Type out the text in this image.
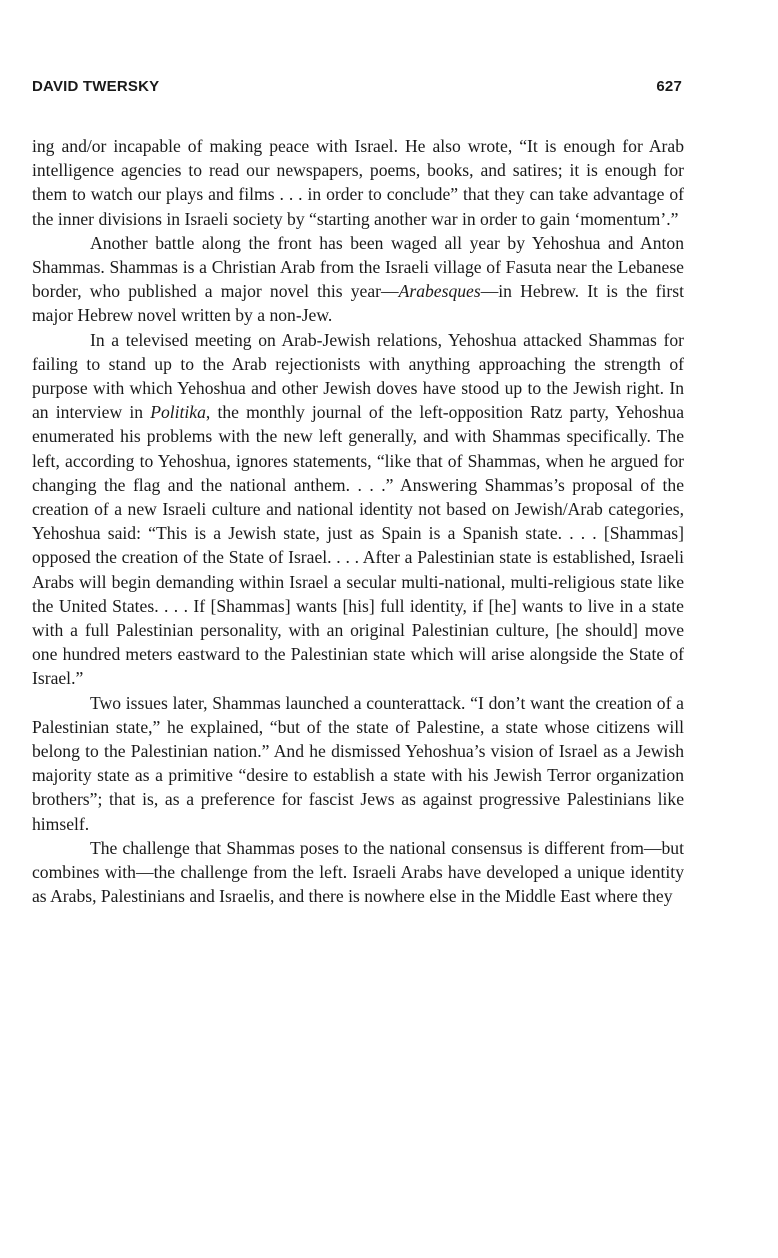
DAVID TWERSKY	627

ing and/or incapable of making peace with Israel. He also wrote, “It is enough for Arab intelligence agencies to read our newspapers, poems, books, and satires; it is enough for them to watch our plays and films . . . in order to conclude” that they can take advantage of the inner divisions in Israeli society by “starting another war in order to gain ‘momentum’.”

Another battle along the front has been waged all year by Yehoshua and Anton Shammas. Shammas is a Christian Arab from the Israeli village of Fasuta near the Lebanese border, who published a major novel this year—Arabesques—in Hebrew. It is the first major Hebrew novel written by a non-Jew.

In a televised meeting on Arab-Jewish relations, Yehoshua attacked Shammas for failing to stand up to the Arab rejectionists with anything approaching the strength of purpose with which Yehoshua and other Jewish doves have stood up to the Jewish right. In an interview in Politika, the monthly journal of the left-opposition Ratz party, Yehoshua enumerated his problems with the new left generally, and with Shammas specifically. The left, according to Yehoshua, ignores statements, “like that of Shammas, when he argued for changing the flag and the national anthem. . . .” Answering Shammas’s proposal of the creation of a new Israeli culture and national identity not based on Jewish/Arab categories, Yehoshua said: “This is a Jewish state, just as Spain is a Spanish state. . . . [Shammas] opposed the creation of the State of Israel. . . . After a Palestinian state is established, Israeli Arabs will begin demanding within Israel a secular multi-national, multi-religious state like the United States. . . . If [Shammas] wants [his] full identity, if [he] wants to live in a state with a full Palestinian personality, with an original Palestinian culture, [he should] move one hundred meters eastward to the Palestinian state which will arise alongside the State of Israel.”

Two issues later, Shammas launched a counterattack. “I don’t want the creation of a Palestinian state,” he explained, “but of the state of Palestine, a state whose citizens will belong to the Palestinian nation.” And he dismissed Yehoshua’s vision of Israel as a Jewish majority state as a primitive “desire to establish a state with his Jewish Terror organization brothers”; that is, as a preference for fascist Jews as against progressive Palestinians like himself.

The challenge that Shammas poses to the national consensus is different from—but combines with—the challenge from the left. Israeli Arabs have developed a unique identity as Arabs, Palestinians and Israelis, and there is nowhere else in the Middle East where they
